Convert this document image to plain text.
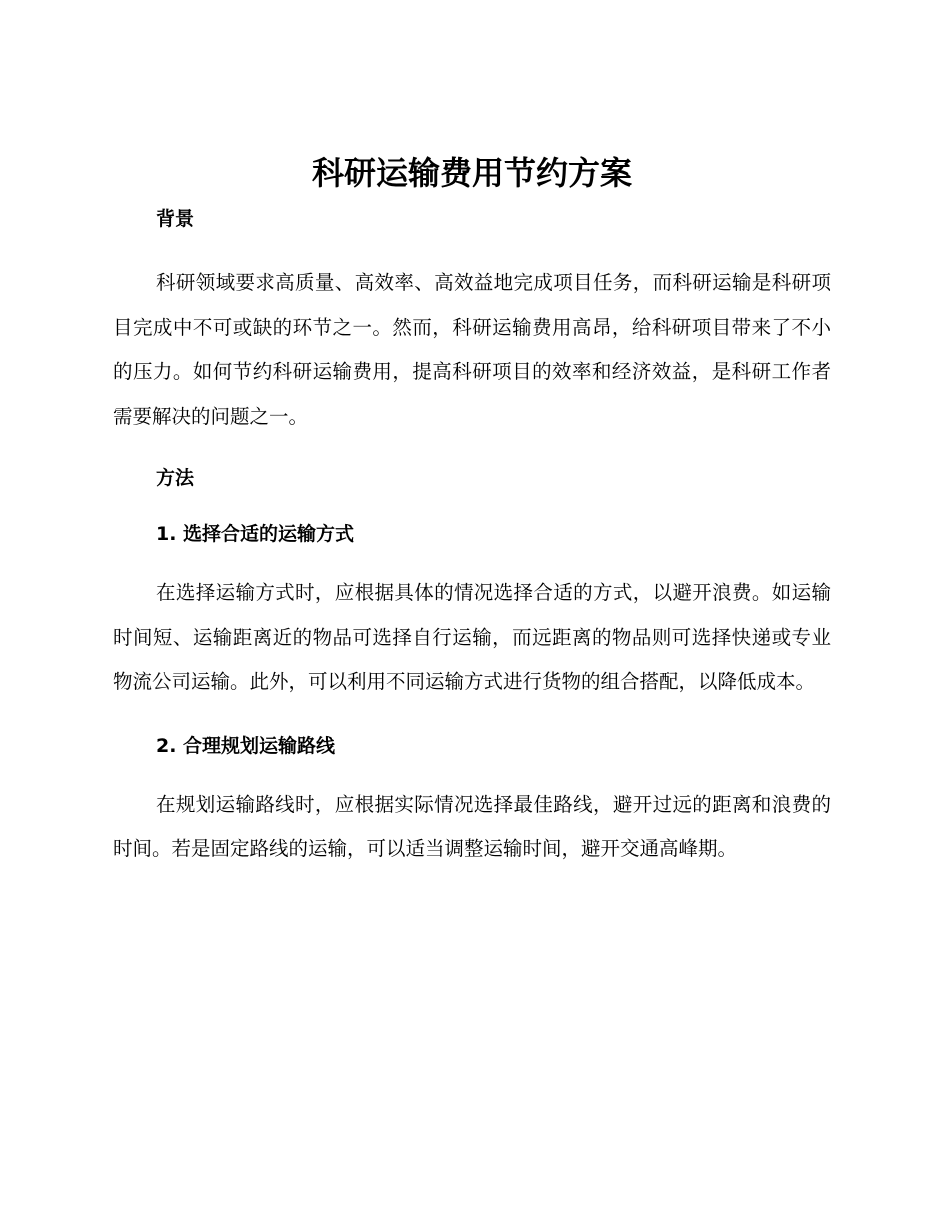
科研运输费用节约方案
背景

科研领域要求高质量、高效率、高效益地完成项目任务，而科研运输是科研项目完成中不可或缺的环节之一。然而，科研运输费用高昂，给科研项目带来了不小的压力。如何节约科研运输费用，提高科研项目的效率和经济效益，是科研工作者需要解决的问题之一。

方法
1. 选择合适的运输方式

在选择运输方式时，应根据具体的情况选择合适的方式，以避开浪费。如运输时间短、运输距离近的物品可选择自行运输，而远距离的物品则可选择快递或专业物流公司运输。此外，可以利用不同运输方式进行货物的组合搭配，以降低成本。

2. 合理规划运输路线

在规划运输路线时，应根据实际情况选择最佳路线，避开过远的距离和浪费的时间。若是固定路线的运输，可以适当调整运输时间，避开交通高峰期。
